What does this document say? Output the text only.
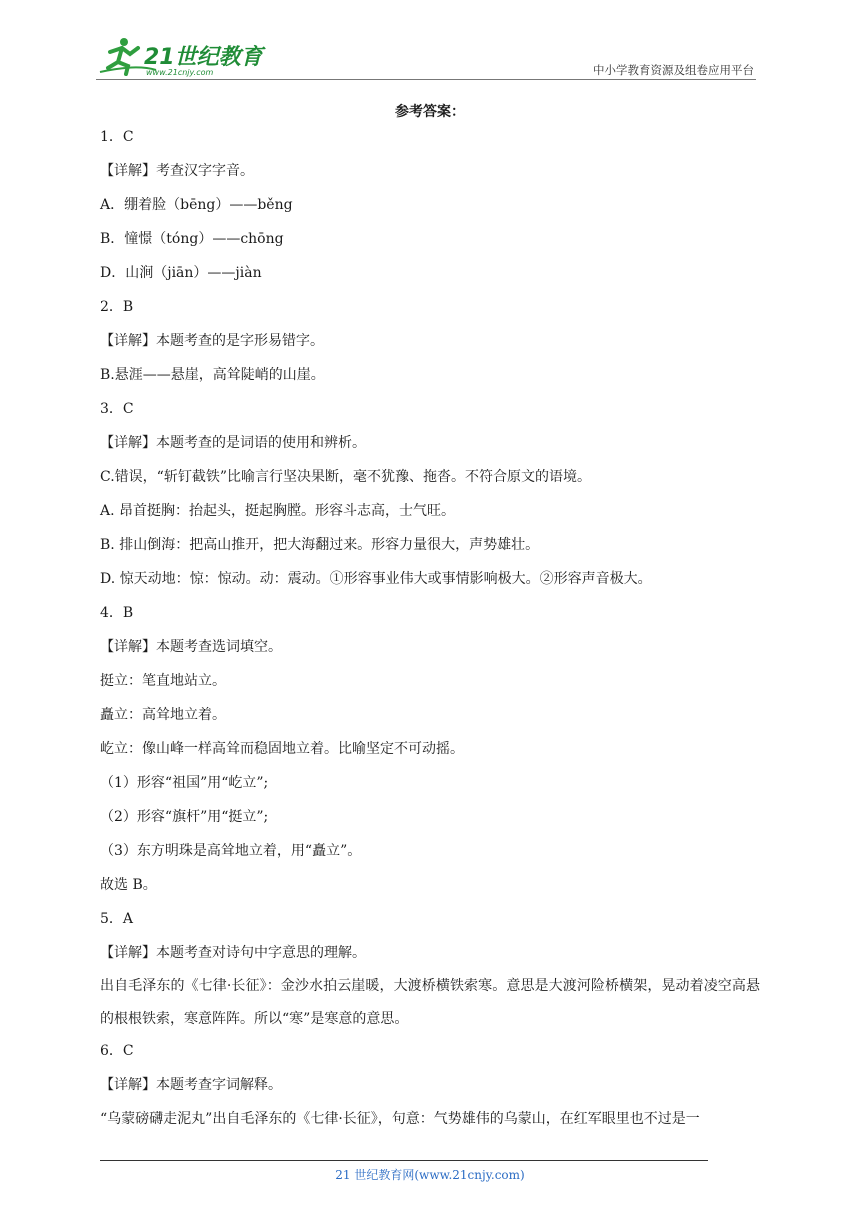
21世纪教育
www.21cnjy.com	中小学教育资源及组卷应用平台
参考答案：
1．C
【详解】考查汉字字音。
A．绷着脸（bēng）——běng
B．憧憬（tóng）——chōng
D．山涧（jiān）——jiàn
2．B
【详解】本题考查的是字形易错字。
B.悬涯——悬崖，高耸陡峭的山崖。
3．C
【详解】本题考查的是词语的使用和辨析。
C.错误，“斩钉截铁”比喻言行坚决果断，毫不犹豫、拖沓。不符合原文的语境。
A. 昂首挺胸：抬起头，挺起胸膛。形容斗志高，士气旺。
B. 排山倒海：把高山推开，把大海翻过来。形容力量很大，声势雄壮。
D. 惊天动地：惊：惊动。动：震动。①形容事业伟大或事情影响极大。②形容声音极大。
4．B
【详解】本题考查选词填空。
挺立：笔直地站立。
矗立：高耸地立着。
屹立：像山峰一样高耸而稳固地立着。比喻坚定不可动摇。
（1）形容“祖国”用“屹立”;
（2）形容“旗杆”用“挺立”;
（3）东方明珠是高耸地立着，用“矗立”。
故选 B。
5．A
【详解】本题考查对诗句中字意思的理解。
出自毛泽东的《七律·长征》：金沙水拍云崖暖，大渡桥横铁索寒。意思是大渡河险桥横架，晃动着凌空高悬的根根铁索，寒意阵阵。所以“寒”是寒意的意思。
6．C
【详解】本题考查字词解释。
“乌蒙磅礴走泥丸”出自毛泽东的《七律·长征》，句意：气势雄伟的乌蒙山，在红军眼里也不过是一
21 世纪教育网(www.21cnjy.com)
